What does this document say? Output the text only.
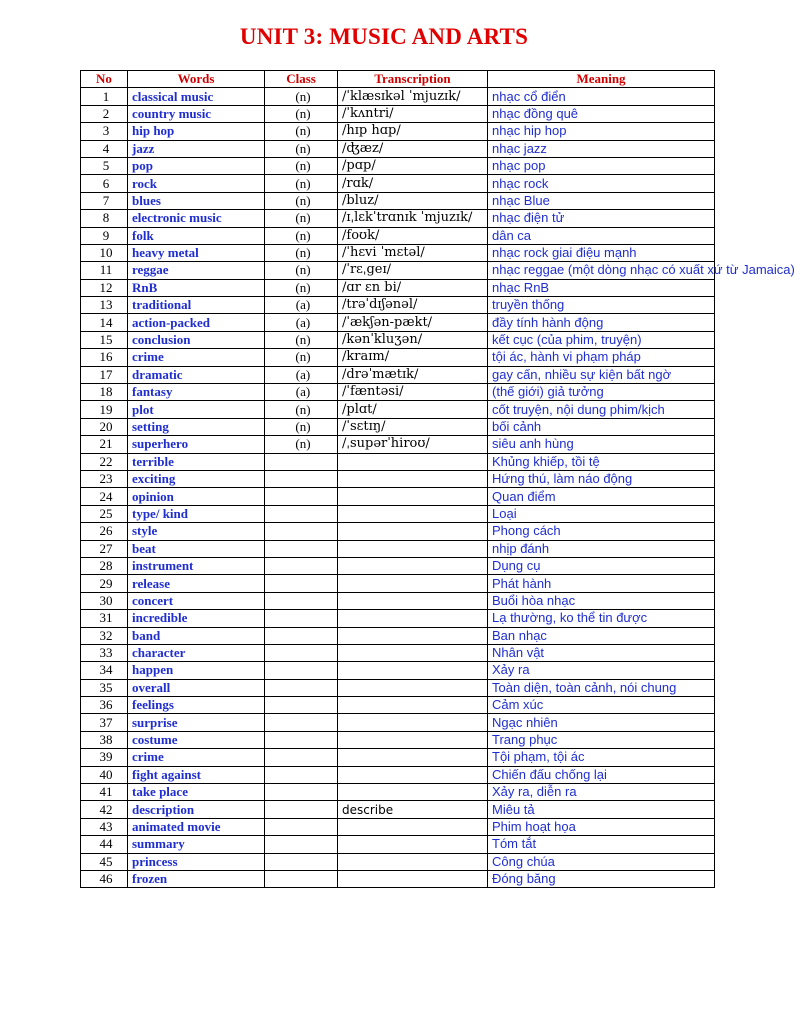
UNIT 3: MUSIC AND ARTS
No	Words	Class	Transcription	Meaning
1	classical music	(n)	/ˈklæsɪkəl ˈmjuzɪk/	nhạc cổ điển
2	country music	(n)	/ˈkʌntri/	nhạc đồng quê
3	hip hop	(n)	/hɪp hɑp/	nhạc hip hop
4	jazz	(n)	/ʤæz/	nhạc jazz
5	pop	(n)	/pɑp/	nhạc pop
6	rock	(n)	/rɑk/	nhạc rock
7	blues	(n)	/bluz/	nhạc Blue
8	electronic music	(n)	/ɪˌlɛkˈtrɑnɪk ˈmjuzɪk/	nhạc điện tử
9	folk	(n)	/foʊk/	dân ca
10	heavy metal	(n)	/ˈhɛvi ˈmɛtəl/	nhạc rock giai điệu mạnh
11	reggae	(n)	/ˈrɛˌgeɪ/	nhạc reggae (một dòng nhạc có xuất xứ từ Jamaica)
12	RnB	(n)	/ɑr ɛn bi/	nhạc RnB
13	traditional	(a)	/trəˈdɪʃənəl/	truyền thống
14	action-packed	(a)	/ˈækʃən-pækt/	đầy tính hành động
15	conclusion	(n)	/kənˈkluʒən/	kết cục (của phim, truyện)
16	crime	(n)	/kraɪm/	tội ác, hành vi phạm pháp
17	dramatic	(a)	/drəˈmætɪk/	gay cấn, nhiều sự kiện bất ngờ
18	fantasy	(a)	/ˈfæntəsi/	(thế giới) giả tưởng
19	plot	(n)	/plɑt/	cốt truyện, nội dung phim/kịch
20	setting	(n)	/ˈsɛtɪŋ/	bối cảnh
21	superhero	(n)	/ˌsupərˈhiroʊ/	siêu anh hùng
22	terrible			Khủng khiếp, tồi tệ
23	exciting			Hứng thú, làm náo động
24	opinion			Quan điểm
25	type/ kind			Loại
26	style			Phong cách
27	beat			nhịp đánh
28	instrument			Dụng cụ
29	release			Phát hành
30	concert			Buổi hòa nhạc
31	incredible			Lạ thường, ko thể tin được
32	band			Ban nhạc
33	character			Nhân vật
34	happen			Xảy ra
35	overall			Toàn diện, toàn cảnh, nói chung
36	feelings			Cảm xúc
37	surprise			Ngạc nhiên
38	costume			Trang phục
39	crime			Tội phạm, tội ác
40	fight against			Chiến đấu chống lại
41	take place			Xảy ra, diễn ra
42	description		describe	Miêu tả
43	animated movie			Phim hoạt họa
44	summary			Tóm tắt
45	princess			Công chúa
46	frozen			Đóng băng
